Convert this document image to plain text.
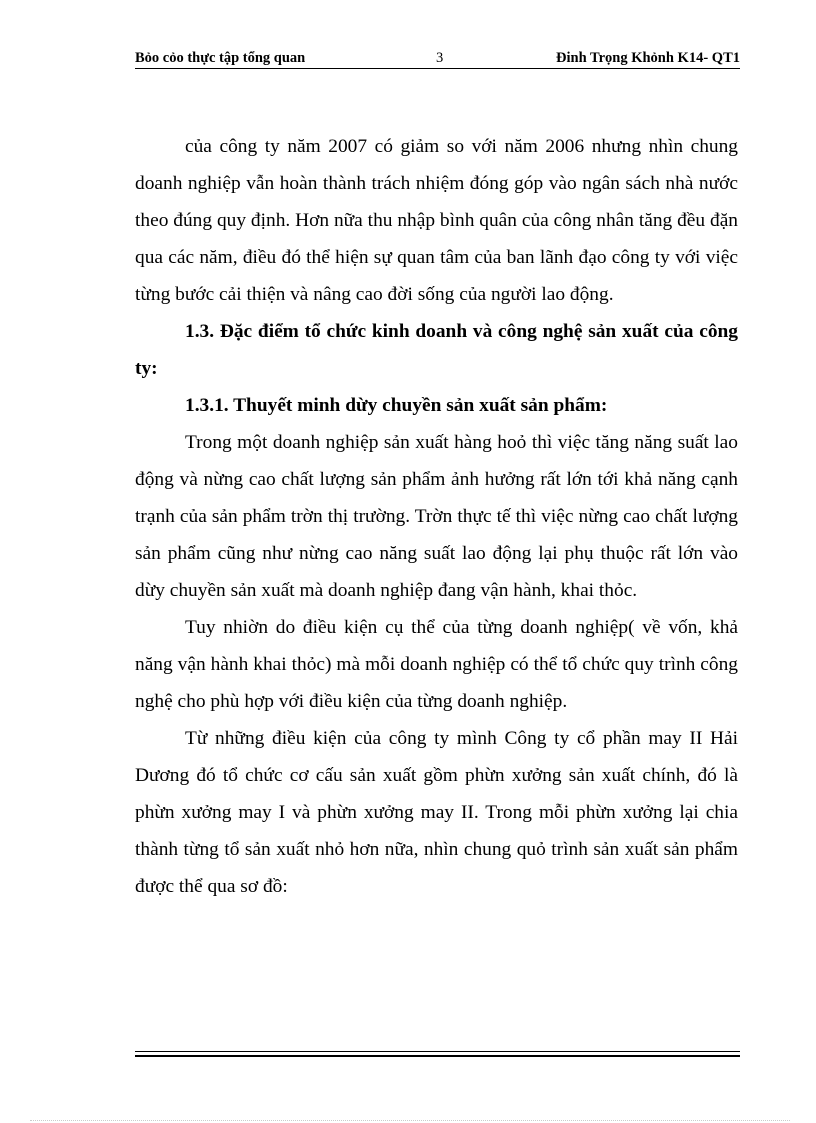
Bỏo cỏo thực tập tổng quan	3	Đinh Trọng Khỏnh K14- QT1

của công ty năm 2007 có giảm so với năm 2006 nhưng nhìn chung doanh nghiệp vẫn hoàn thành trách nhiệm đóng góp vào ngân sách nhà nước theo đúng quy định. Hơn nữa thu nhập bình quân của công nhân tăng đều đặn qua các năm, điều đó thể hiện sự quan tâm của ban lãnh đạo công ty với việc từng bước cải thiện và nâng cao đời sống của người lao động.

1.3. Đặc điểm tổ chức kinh doanh và công nghệ sản xuất của công ty:
1.3.1. Thuyết minh dừy chuyền sản xuất sản phẩm:

Trong một doanh nghiệp sản xuất hàng hoỏ thì việc tăng năng suất lao động và nừng cao chất lượng sản phẩm ảnh hưởng rất lớn tới khả năng cạnh trạnh của sản phẩm trờn thị trường. Trờn thực tế thì việc nừng cao chất lượng sản phẩm cũng như nừng cao năng suất lao động lại phụ thuộc rất lớn vào dừy chuyền sản xuất mà doanh nghiệp đang vận hành, khai thỏc.

Tuy nhiờn do điều kiện cụ thể của từng doanh nghiệp( về vốn, khả năng vận hành khai thỏc) mà mỗi doanh nghiệp có thể tổ chức quy trình công nghệ cho phù hợp với điều kiện của từng doanh nghiệp.

Từ những điều kiện của công ty mình Công ty cổ phần may II Hải Dương đó tổ chức cơ cấu sản xuất gồm phừn xưởng sản xuất chính, đó là phừn xưởng may I và phừn xưởng may II. Trong mỗi phừn xưởng lại chia thành từng tổ sản xuất nhỏ hơn nữa, nhìn chung quỏ trình sản xuất sản phẩm được thể qua sơ đồ:
